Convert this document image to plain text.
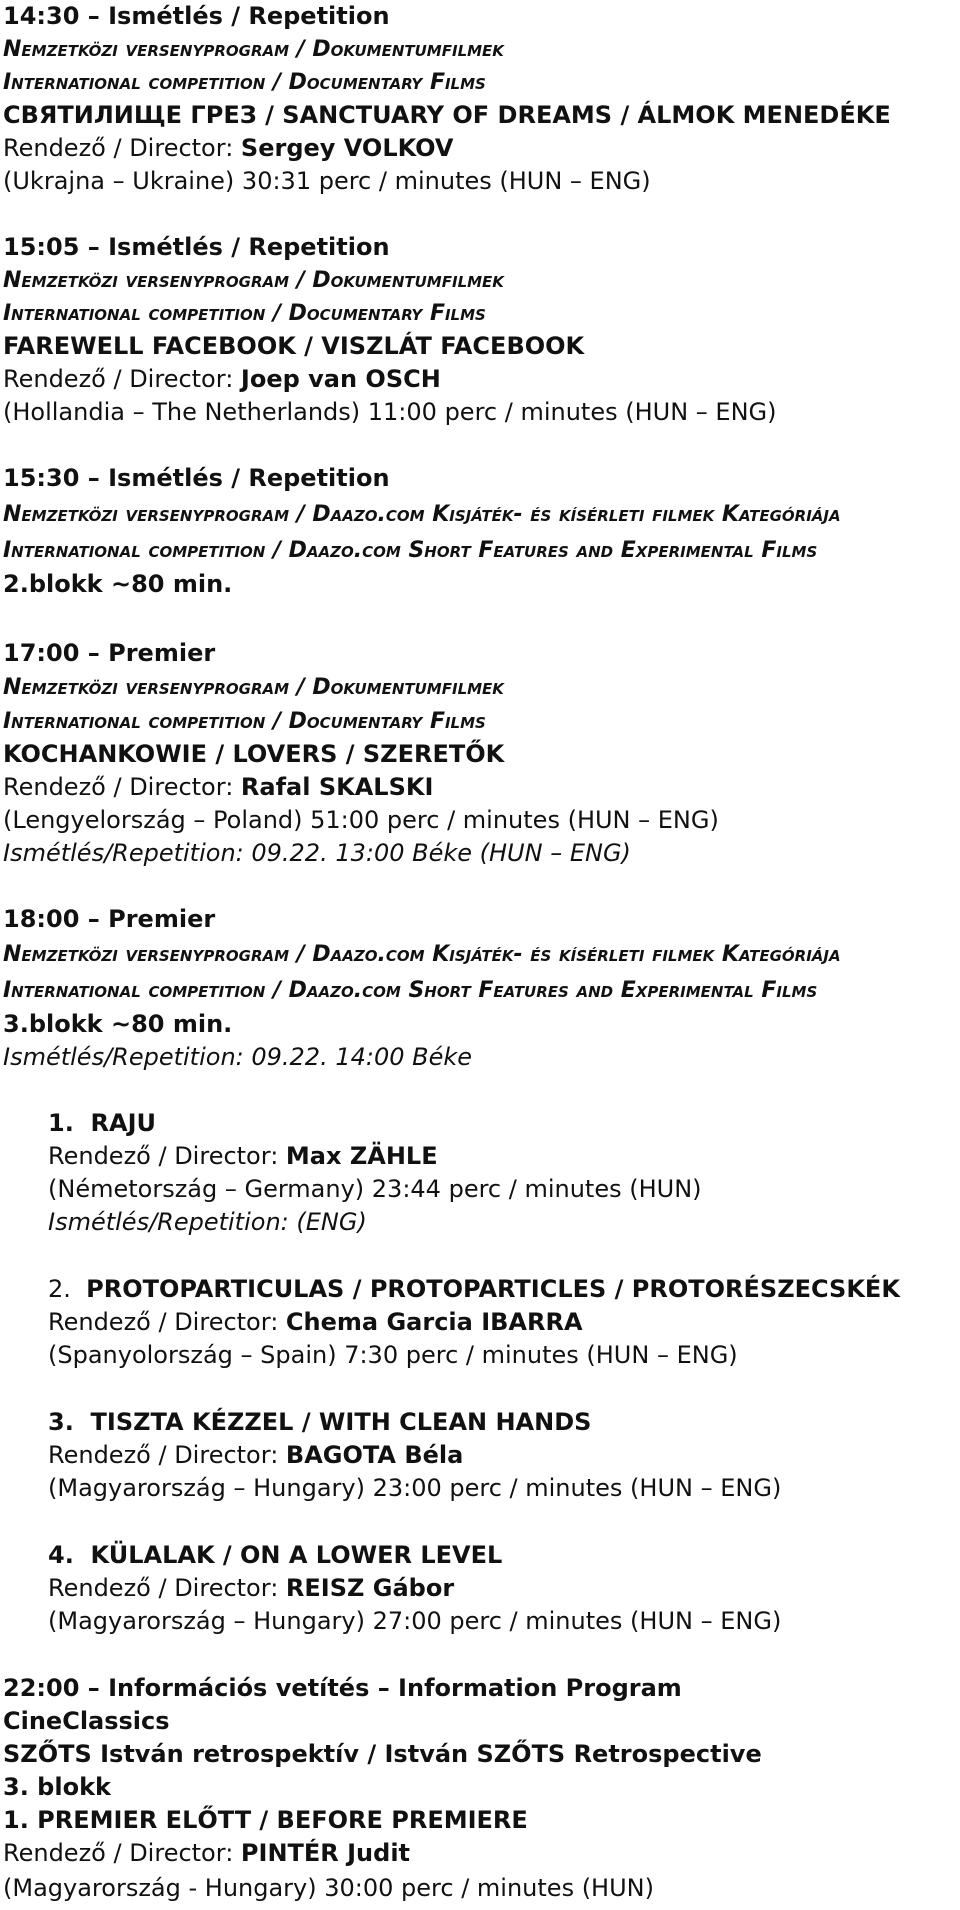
14:30 – Ismétlés / Repetition
Nemzetközi versenyprogram / Dokumentumfilmek
International competition / Documentary Films
СВЯТИЛИЩЕ ГРЕЗ / SANCTUARY OF DREAMS / ÁLMOK MENEDÉKE
Rendező / Director: Sergey VOLKOV
(Ukrajna – Ukraine) 30:31 perc / minutes (HUN – ENG)
15:05 – Ismétlés / Repetition
Nemzetközi versenyprogram / Dokumentumfilmek
International competition / Documentary Films
FAREWELL FACEBOOK / VISZLÁT FACEBOOK
Rendező / Director: Joep van OSCH
(Hollandia – The Netherlands) 11:00 perc / minutes (HUN – ENG)
15:30 – Ismétlés / Repetition
Nemzetközi versenyprogram / Daazo.com Kisjáték- és kísérleti filmek Kategóriája
International competition / Daazo.com Short Features and Experimental Films
2.blokk ~80 min.
17:00 – Premier
Nemzetközi versenyprogram / Dokumentumfilmek
International competition / Documentary Films
KOCHANKOWIE / LOVERS / SZERETŐK
Rendező / Director: Rafal SKALSKI
(Lengyelország – Poland) 51:00 perc / minutes (HUN – ENG)
Ismétlés/Repetition: 09.22. 13:00 Béke (HUN – ENG)
18:00 – Premier
Nemzetközi versenyprogram / Daazo.com Kisjáték- és kísérleti filmek Kategóriája
International competition / Daazo.com Short Features and Experimental Films
3.blokk ~80 min.
Ismétlés/Repetition: 09.22. 14:00 Béke
1. RAJU
Rendező / Director: Max ZÄHLE
(Németország – Germany) 23:44 perc / minutes (HUN)
Ismétlés/Repetition: (ENG)
2. PROTOPARTICULAS / PROTOPARTICLES / PROTORÉSZECSKÉK
Rendező / Director: Chema Garcia IBARRA
(Spanyolország – Spain) 7:30 perc / minutes (HUN – ENG)
3. TISZTA KÉZZEL / WITH CLEAN HANDS
Rendező / Director: BAGOTA Béla
(Magyarország – Hungary) 23:00 perc / minutes (HUN – ENG)
4. KÜLALAK / ON A LOWER LEVEL
Rendező / Director: REISZ Gábor
(Magyarország – Hungary) 27:00 perc / minutes (HUN – ENG)
22:00 – Információs vetítés – Information Program
CineClassics
SZŐTS István retrospektív / István SZŐTS Retrospective
3. blokk
1. PREMIER ELŐTT / BEFORE PREMIERE
Rendező / Director: PINTÉR Judit
(Magyarország - Hungary) 30:00 perc / minutes (HUN)
